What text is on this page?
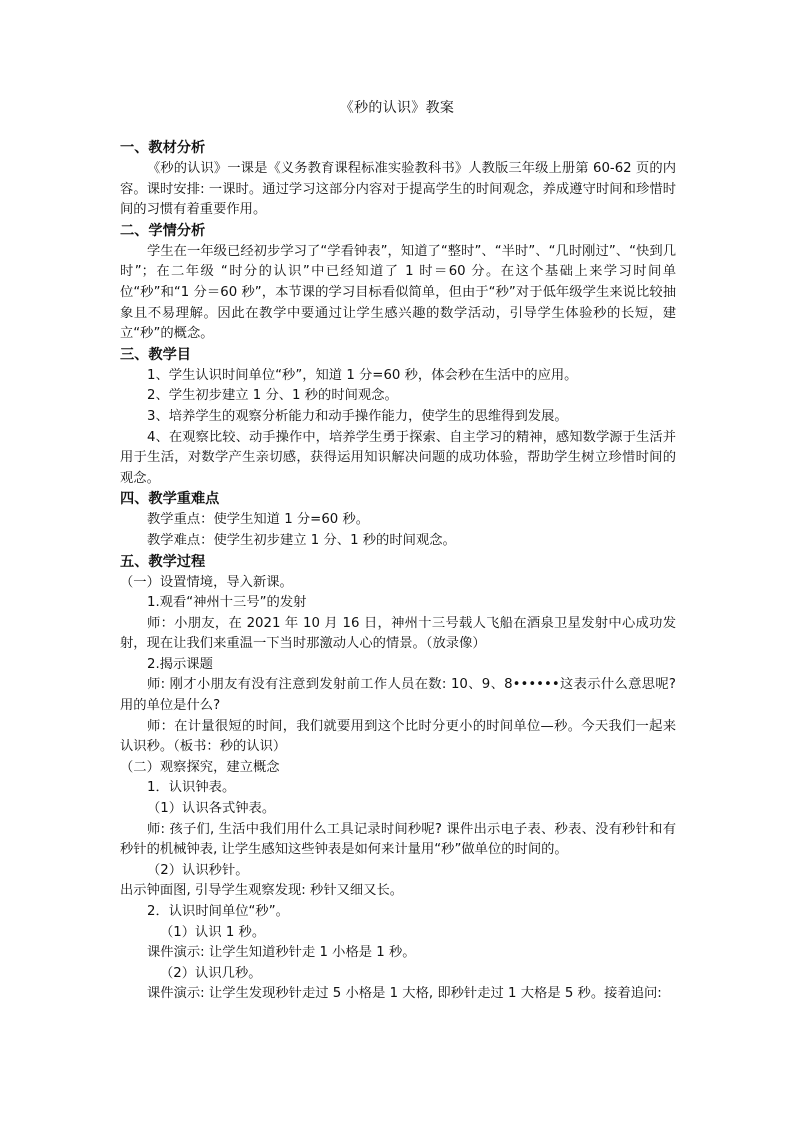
《秒的认识》教案

一、教材分析

《秒的认识》一课是《义务教育课程标准实验教科书》人教版三年级上册第 60-62 页的内容。课时安排: 一课时。通过学习这部分内容对于提高学生的时间观念，养成遵守时间和珍惜时间的习惯有着重要作用。

二、学情分析

学生在一年级已经初步学习了“学看钟表”，知道了“整时”、“半时”、“几时刚过”、“快到几时”；在二年级 “时分的认识”中已经知道了 1 时＝60 分。在这个基础上来学习时间单位“秒”和“1 分＝60 秒”，本节课的学习目标看似简单，但由于“秒”对于低年级学生来说比较抽象且不易理解。因此在教学中要通过让学生感兴趣的数学活动，引导学生体验秒的长短，建立“秒”的概念。

三、教学目

1、学生认识时间单位“秒”，知道 1 分=60 秒，体会秒在生活中的应用。

2、学生初步建立 1 分、1 秒的时间观念。

3、培养学生的观察分析能力和动手操作能力，使学生的思维得到发展。

4、在观察比较、动手操作中，培养学生勇于探索、自主学习的精神，感知数学源于生活并用于生活，对数学产生亲切感，获得运用知识解决问题的成功体验，帮助学生树立珍惜时间的观念。

四、教学重难点

教学重点：使学生知道 1 分=60 秒。

教学难点：使学生初步建立 1 分、1 秒的时间观念。

五、教学过程

（一）设置情境，导入新课。

1.观看“神州十三号”的发射

师：小朋友，在 2021 年 10 月 16 日，神州十三号载人飞船在酒泉卫星发射中心成功发射，现在让我们来重温一下当时那激动人心的情景。（放录像）

2.揭示课题

师: 刚才小朋友有没有注意到发射前工作人员在数: 10、9、8••••••这表示什么意思呢? 用的单位是什么?

师：在计量很短的时间，我们就要用到这个比时分更小的时间单位—秒。今天我们一起来认识秒。（板书：秒的认识）

（二）观察探究，建立概念

1．认识钟表。

（1）认识各式钟表。

师: 孩子们, 生活中我们用什么工具记录时间秒呢? 课件出示电子表、秒表、没有秒针和有秒针的机械钟表, 让学生感知这些钟表是如何来计量用“秒”做单位的时间的。

（2）认识秒针。

出示钟面图, 引导学生观察发现: 秒针又细又长。

2．认识时间单位“秒”。

（1）认识 1 秒。

课件演示: 让学生知道秒针走 1 小格是 1 秒。

（2）认识几秒。

课件演示: 让学生发现秒针走过 5 小格是 1 大格, 即秒针走过 1 大格是 5 秒。接着追问:
